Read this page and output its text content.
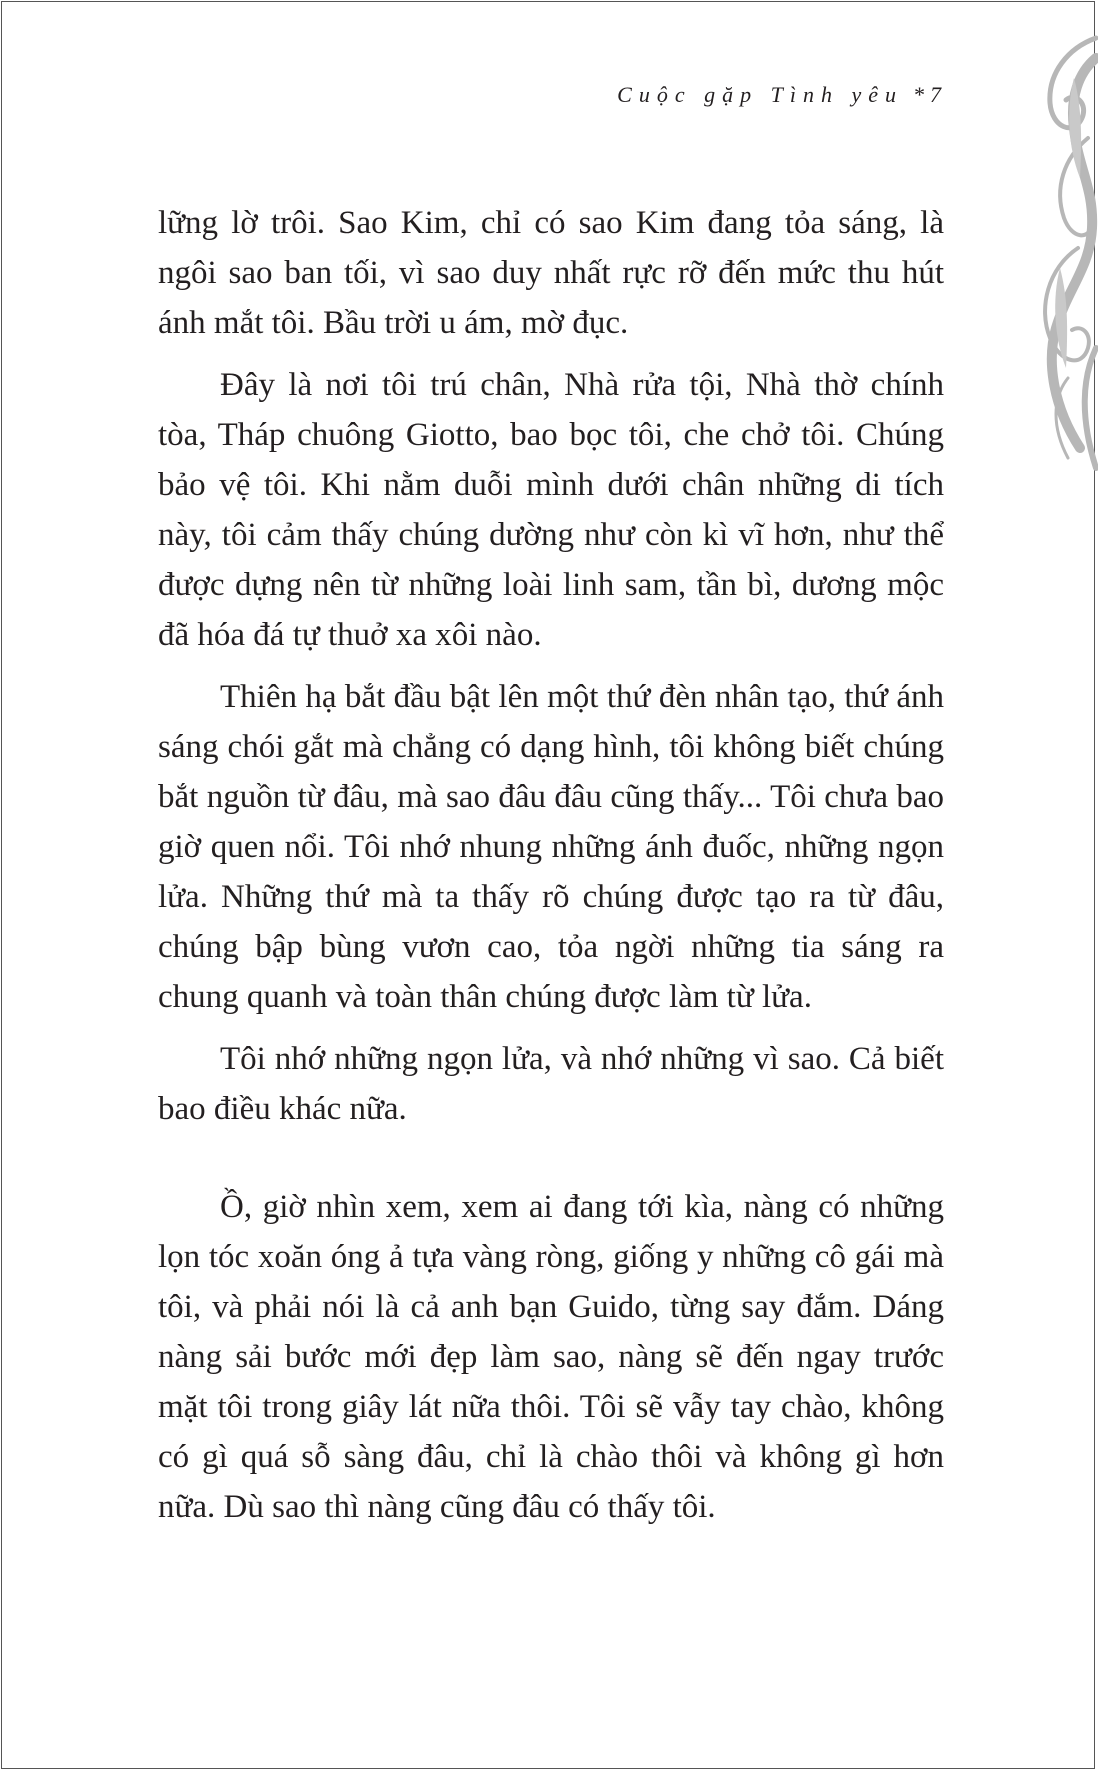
Cuộc gặp Tình yêu * 7

lững lờ trôi. Sao Kim, chỉ có sao Kim đang tỏa sáng, là ngôi sao ban tối, vì sao duy nhất rực rỡ đến mức thu hút ánh mắt tôi. Bầu trời u ám, mờ đục.

Đây là nơi tôi trú chân, Nhà rửa tội, Nhà thờ chính tòa, Tháp chuông Giotto, bao bọc tôi, che chở tôi. Chúng bảo vệ tôi. Khi nằm duỗi mình dưới chân những di tích này, tôi cảm thấy chúng dường như còn kì vĩ hơn, như thể được dựng nên từ những loài linh sam, tần bì, dương mộc đã hóa đá tự thuở xa xôi nào.

Thiên hạ bắt đầu bật lên một thứ đèn nhân tạo, thứ ánh sáng chói gắt mà chẳng có dạng hình, tôi không biết chúng bắt nguồn từ đâu, mà sao đâu đâu cũng thấy... Tôi chưa bao giờ quen nổi. Tôi nhớ nhung những ánh đuốc, những ngọn lửa. Những thứ mà ta thấy rõ chúng được tạo ra từ đâu, chúng bập bùng vươn cao, tỏa ngời những tia sáng ra chung quanh và toàn thân chúng được làm từ lửa.

Tôi nhớ những ngọn lửa, và nhớ những vì sao. Cả biết bao điều khác nữa.

Ồ, giờ nhìn xem, xem ai đang tới kìa, nàng có những lọn tóc xoăn óng ả tựa vàng ròng, giống y những cô gái mà tôi, và phải nói là cả anh bạn Guido, từng say đắm. Dáng nàng sải bước mới đẹp làm sao, nàng sẽ đến ngay trước mặt tôi trong giây lát nữa thôi. Tôi sẽ vẫy tay chào, không có gì quá sỗ sàng đâu, chỉ là chào thôi và không gì hơn nữa. Dù sao thì nàng cũng đâu có thấy tôi.
